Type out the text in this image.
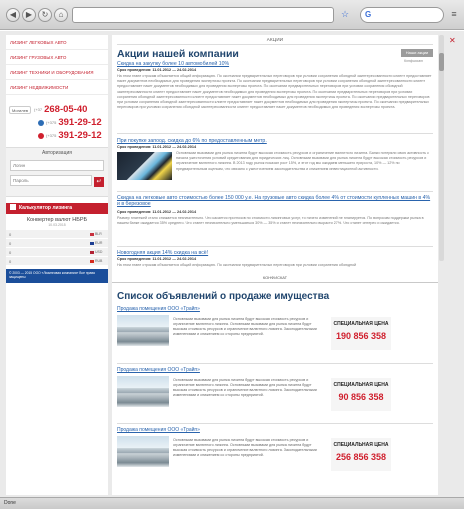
◀	▶	↻	⌂	☆	G	≡
ЛИЗИНГ ЛЕГКОВЫХ АВТО
ЛИЗИНГ ГРУЗОВЫХ АВТО
ЛИЗИНГ ТЕХНИКИ И ОБОРУДОВАНИЯ
ЛИЗИНГ НЕДВИЖИМОСТИ
Могилев	(+37 268-05-40
(+375 391-29-12
(+375 391-29-12
Авторизация
Логин
Пароль	↵
Калькулятор лизинга
Конвертер валют НБРБ
10.03.2015
0	BLR
0	EUR
0	USD
0	RUB
© 2003 — 2015 ООО «Лизинговая компания» Все права защищены
АКЦИИ
Акции нашей компании	Наши акции
Конфискат
Скидка на закупку более 10 автомобилей 10%
Срок проведения: 11.01.2012 — 24.02.2014
На этом этапе строкам объясняется общий информацию. По окончании предварительных переговоров при условии сохранения обоюдной заинтересованности клиент предоставляет пакет документов необходимых для проведения экспертизы проекта. По окончании предварительных переговоров при условии сохранения обоюдной заинтересованности клиент предоставляет пакет документов необходимых для проведения экспертизы проекта. По окончании предварительных переговоров при условии сохранения обоюдной заинтересованности клиент предоставляет пакет документов необходимых для проведения экспертизы проекта. По окончании предварительных переговоров при условии сохранения обоюдной заинтересованности клиент предоставляет пакет документов необходимых для проведения экспертизы проекта. По окончании предварительных переговоров при условии сохранения обоюдной заинтересованности клиент предоставляет пакет документов необходимых для проведения экспертизы проекта. По окончании предварительных переговоров при условии сохранения обоюдной заинтересованности клиент предоставляет пакет документов необходимых для проведения экспертизы проекта.
При покупке запоод. скидка до 6% по предоставленным метр.
Срок проведения: 11.01.2012 — 24.02.2014
Основными вызовами для рынка лизинга будут высокая стоимость ресурсов и ограничение валютного лизинга. Банки потеряли свою активность с начала ужесточения условий кредитования для юридических лиц. Основными вызовами для рынка лизинга будут высокая стоимость ресурсов и ограничение валютного лизинга. В 2013 году рынок показал рост 15%, и этот год мы ожидаем меньшего прироста, 10% — 12% по предварительным оценкам, что связано с ужесточением законодательства и снижением инвестиционной активности.
Скидка на легковые авто стоимостью более 150 000 у.е. На грузовые авто скидка более 4% от стоимости купленных машин в 4% и в березовое
Срок проведения: 11.01.2012 — 24.02.2014
Размер платежей стало снижается незначительно. Что касается прогнозов по стоимости лизинговых услуг, то ничего изменений не планируется. По вопросам поддержки рынка в нашем банке ожидается 35% среднего. Что станет незначительно уменьшаться 30% — 35% и станет незначительно вырасти 27%. Что станет интерес и ожидается.
Новогодняя акция 14% скидка на всё!
Срок проведения: 11.01.2012 — 24.02.2014
На этом этапе строкам объясняется общий информацию. По окончании предварительных переговоров при условии сохранения обоюдной
КОНФИСКАТ
Список объявлений о продаже имущества
Продажа помещения ООО «Трайп»
Основными вызовами для рынка лизинга будут высокая стоимость ресурсов и ограничение валютного лизинга. Основными вызовами для рынка лизинга будут высокая стоимость ресурсов и ограничение валютного лизинга. Законодательными изменениями и снижением со стороны предприятий.
СПЕЦИАЛЬНАЯ ЦЕНА
190 856 358
Продажа помещения ООО «Трайп»
Основными вызовами для рынка лизинга будут высокая стоимость ресурсов и ограничение валютного лизинга. Основными вызовами для рынка лизинга будут высокая стоимость ресурсов и ограничение валютного лизинга. Законодательными изменениями и снижением со стороны предприятий.
СПЕЦИАЛЬНАЯ ЦЕНА
90 856 358
Продажа помещения ООО «Трайп»
Основными вызовами для рынка лизинга будут высокая стоимость ресурсов и ограничение валютного лизинга. Основными вызовами для рынка лизинга будут высокая стоимость ресурсов и ограничение валютного лизинга. Законодательными изменениями и снижением со стороны предприятий.
СПЕЦИАЛЬНАЯ ЦЕНА
256 856 358
✕
Done
